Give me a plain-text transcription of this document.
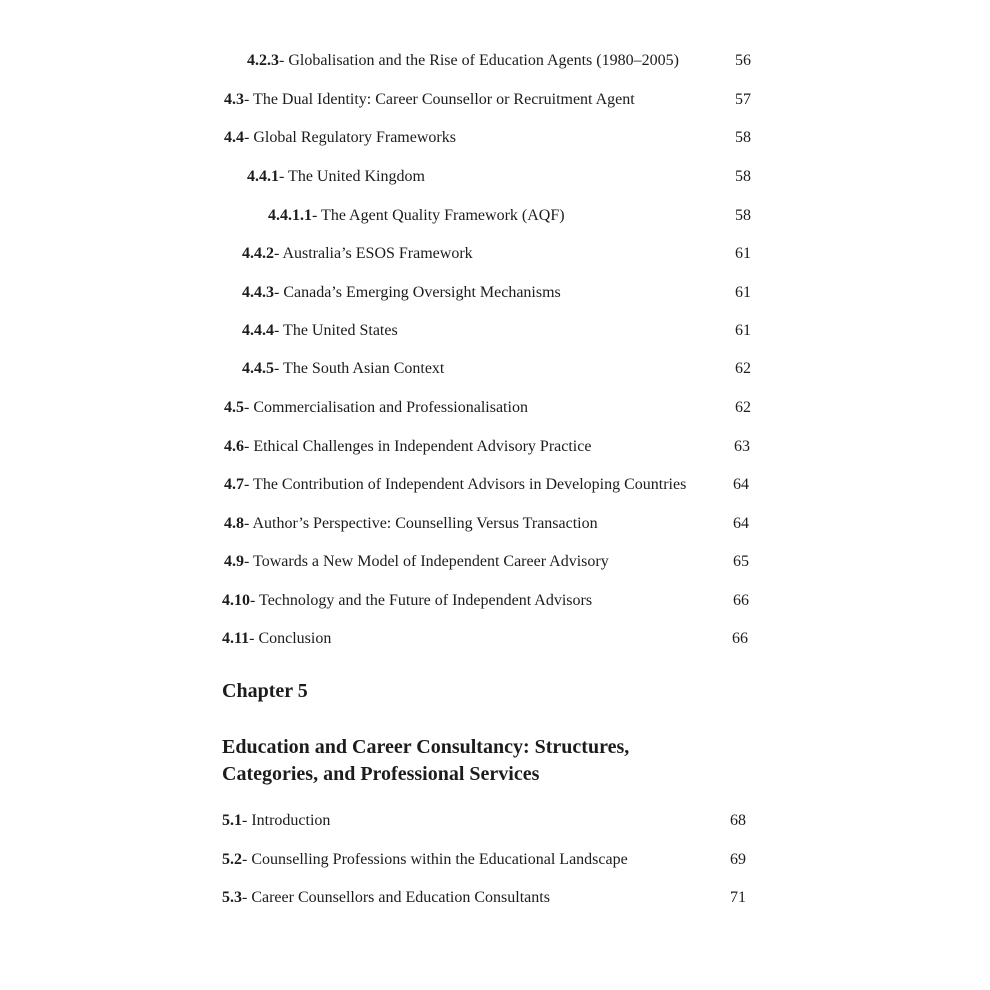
4.2.3- Globalisation and the Rise of Education Agents (1980–2005)	56
4.3- The Dual Identity: Career Counsellor or Recruitment Agent	57
4.4- Global Regulatory Frameworks	58
4.4.1- The United Kingdom	58
4.4.1.1- The Agent Quality Framework (AQF)	58
4.4.2- Australia’s ESOS Framework	61
4.4.3- Canada’s Emerging Oversight Mechanisms	61
4.4.4- The United States	61
4.4.5- The South Asian Context	62
4.5- Commercialisation and Professionalisation	62
4.6- Ethical Challenges in Independent Advisory Practice	63
4.7- The Contribution of Independent Advisors in Developing Countries	64
4.8- Author’s Perspective: Counselling Versus Transaction	64
4.9- Towards a New Model of Independent Career Advisory	65
4.10- Technology and the Future of Independent Advisors	66
4.11- Conclusion	66
Chapter 5
Education and Career Consultancy: Structures,
Categories, and Professional Services
5.1- Introduction	68
5.2- Counselling Professions within the Educational Landscape	69
5.3- Career Counsellors and Education Consultants	71
